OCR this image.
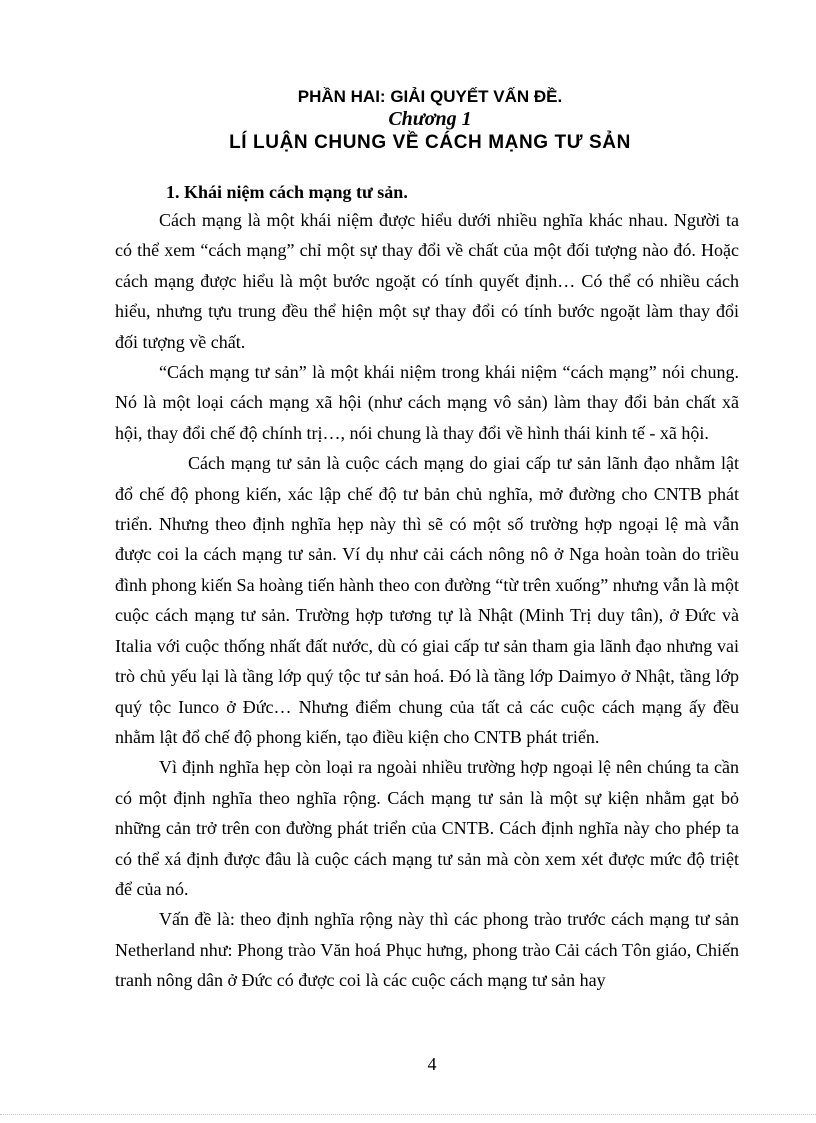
PHẦN HAI: GIẢI QUYẾT VẤN ĐỀ.
Chương 1
LÍ LUẬN CHUNG VỀ CÁCH MẠNG TƯ SẢN
1. Khái niệm cách mạng tư sản.

Cách mạng là một khái niệm được hiểu dưới nhiều nghĩa khác nhau. Người ta có thể xem “cách mạng” chỉ một sự thay đổi về chất của một đối tượng nào đó. Hoặc cách mạng được hiểu là một bước ngoặt có tính quyết định… Có thể có nhiều cách hiểu, nhưng tựu trung đều thể hiện một sự thay đổi có tính bước ngoặt làm thay đổi đối tượng về chất.

“Cách mạng tư sản” là một khái niệm trong khái niệm “cách mạng” nói chung. Nó là một loại cách mạng xã hội (như cách mạng vô sản) làm thay đổi bản chất xã hội, thay đổi chế độ chính trị…, nói chung là thay đổi về hình thái kinh tế - xã hội.

Cách mạng tư sản là cuộc cách mạng do giai cấp tư sản lãnh đạo nhằm lật đổ chế độ phong kiến, xác lập chế độ tư bản chủ nghĩa, mở đường cho CNTB phát triển. Nhưng theo định nghĩa hẹp này thì sẽ có một số trường hợp ngoại lệ mà vẫn được coi la cách mạng tư sản. Ví dụ như cải cách nông nô ở Nga hoàn toàn do triều đình phong kiến Sa hoàng tiến hành theo con đường “từ trên xuống” nhưng vẫn là một cuộc cách mạng tư sản. Trường hợp tương tự là Nhật (Minh Trị duy tân), ở Đức và Italia với cuộc thống nhất đất nước, dù có giai cấp tư sản tham gia lãnh đạo nhưng vai trò chủ yếu lại là tầng lớp quý tộc tư sản hoá. Đó là tầng lớp Daimyo ở Nhật, tầng lớp quý tộc Iunco ở Đức… Nhưng điểm chung của tất cả các cuộc cách mạng ấy đều nhằm lật đổ chế độ phong kiến, tạo điều kiện cho CNTB phát triển.

Vì định nghĩa hẹp còn loại ra ngoài nhiều trường hợp ngoại lệ nên chúng ta cần có một định nghĩa theo nghĩa rộng. Cách mạng tư sản là một sự kiện nhằm gạt bỏ những cản trở trên con đường phát triển của CNTB. Cách định nghĩa này cho phép ta có thể xá định được đâu là cuộc cách mạng tư sản mà còn xem xét được mức độ triệt để của nó.

Vấn đề là: theo định nghĩa rộng này thì các phong trào trước cách mạng tư sản Netherland như: Phong trào Văn hoá Phục hưng, phong trào Cải cách Tôn giáo, Chiến tranh nông dân ở Đức có được coi là các cuộc cách mạng tư sản hay

4
